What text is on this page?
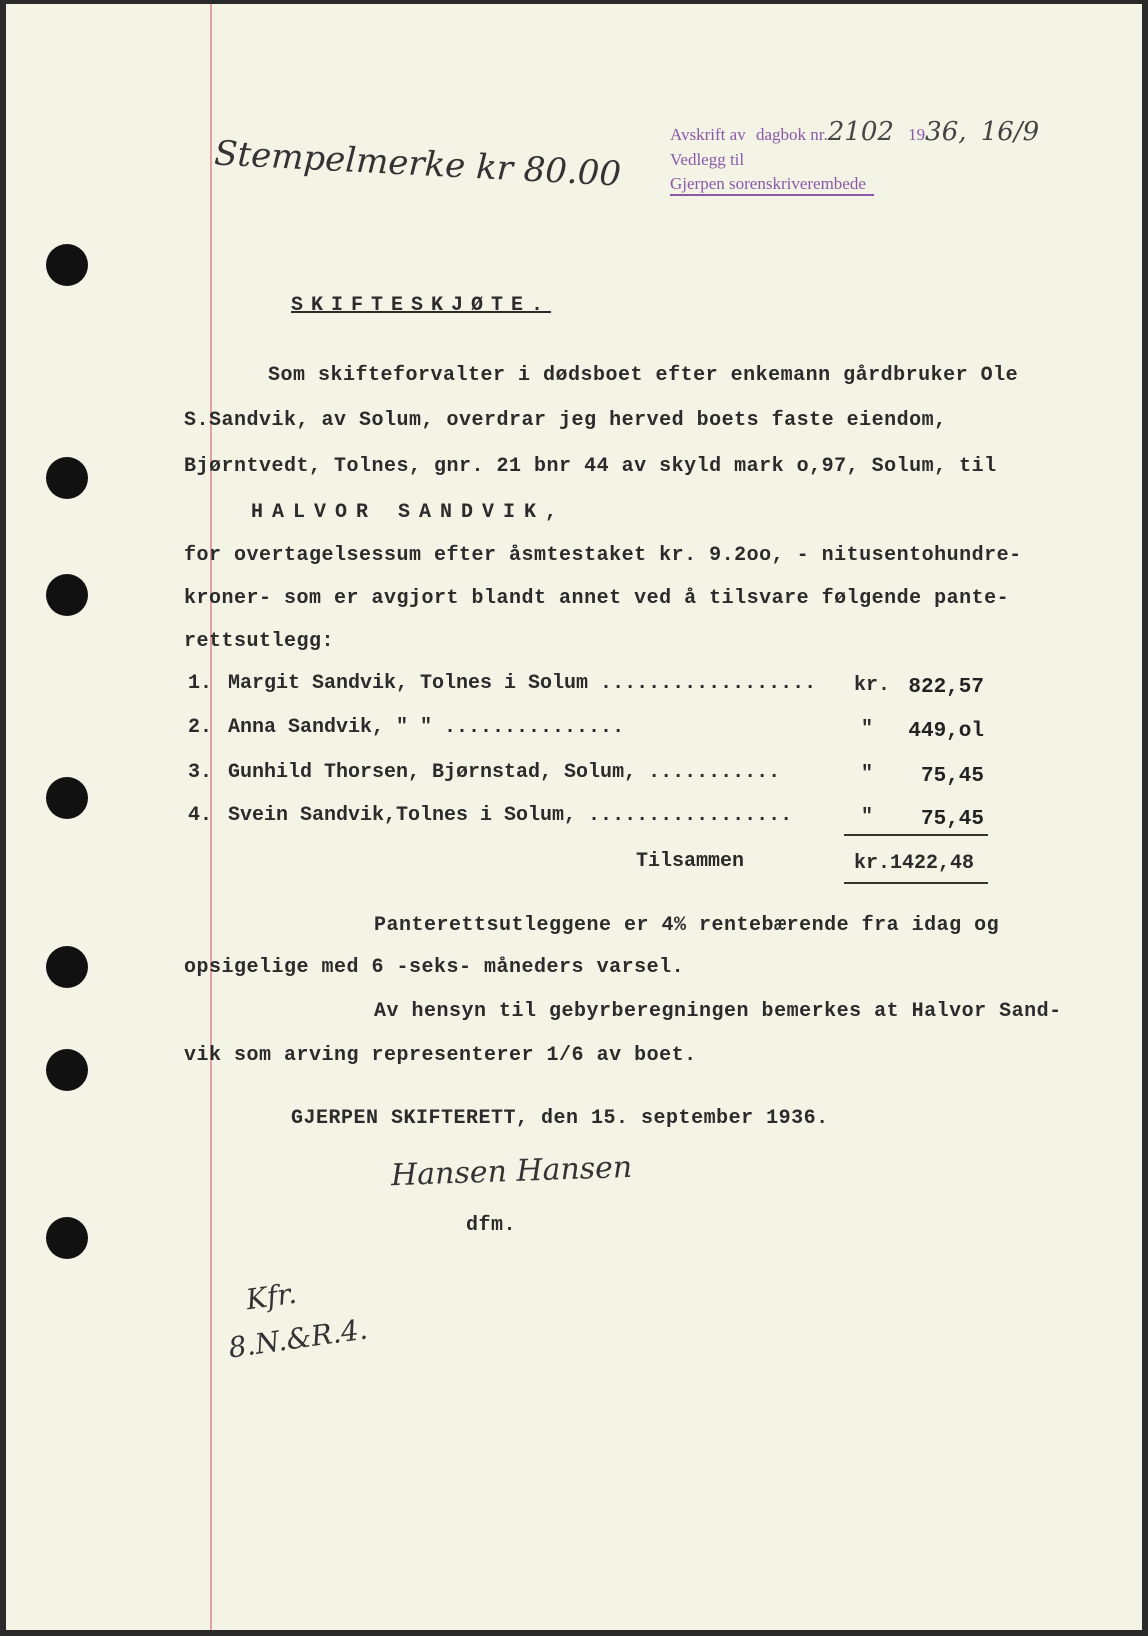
Stempelmerke kr 80.00	Avskrift av dagbok nr.2102 1936, 16/9
Vedlegg til
Gjerpen sorenskriverembede
SKIFTESKJØTE.
Som skifteforvalter i dødsboet efter enkemann gårdbruker Ole
S.Sandvik, av Solum, overdrar jeg herved boets faste eiendom,
Bjørntvedt, Tolnes, gnr. 21 bnr 44 av skyld mark o,97, Solum, til
HALVOR SANDVIK,
for overtagelsessum efter åsmtestaket kr. 9.2oo, - nitusentohundre-
kroner- som er avgjort blandt annet ved å tilsvare følgende pante-
rettsutlegg:
1. Margit Sandvik, Tolnes i Solum .................. kr. 822,57
2. Anna Sandvik, " " ...............	"	449,ol
3. Gunhild Thorsen, Bjørnstad, Solum, ...........	"	75,45
4. Svein Sandvik,Tolnes i Solum, .................	"	75,45
Tilsammen	kr.1422,48
Panterettsutleggene er 4% rentebærende fra idag og
opsigelige med 6 -seks- måneders varsel.
Av hensyn til gebyrberegningen bemerkes at Halvor Sand-
vik som arving representerer 1/6 av boet.
GJERPEN SKIFTERETT, den 15. september 1936.
Hansen Hansen
dfm.
Kfr.
8.N.&R.4.
